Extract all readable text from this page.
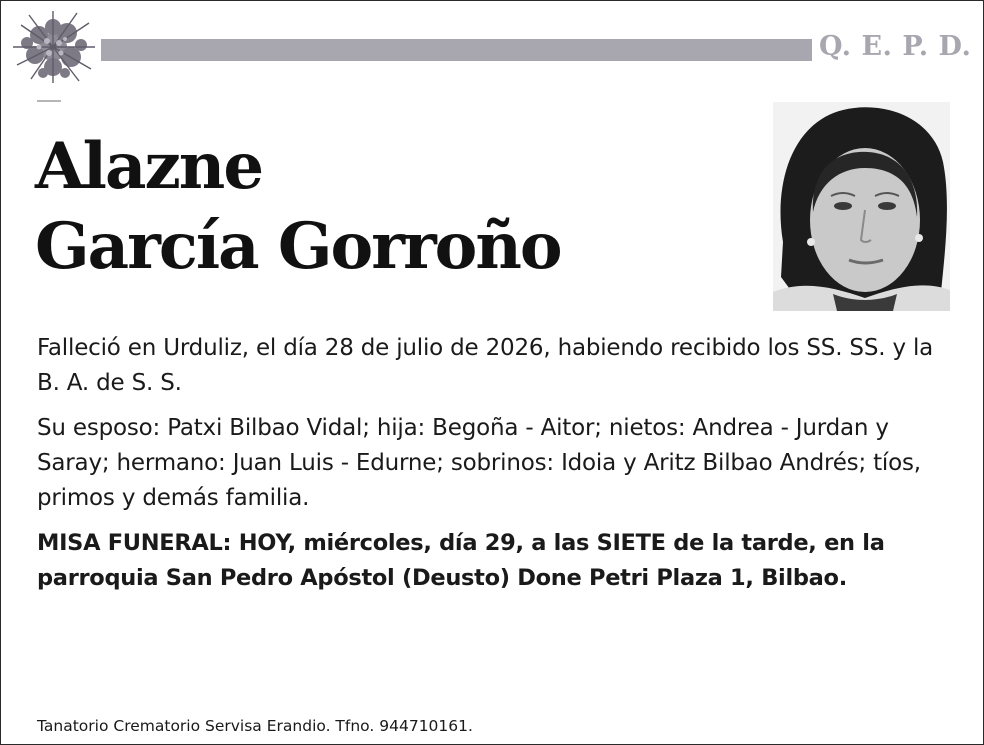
Q. E. P. D.
Alazne
García Gorroño

Falleció en Urduliz, el día 28 de julio de 2026, habiendo recibido los SS. SS. y la B. A. de S. S.

Su esposo: Patxi Bilbao Vidal; hija: Begoña - Aitor; nietos: Andrea - Jurdan y Saray; hermano: Juan Luis - Edurne; sobrinos: Idoia y Aritz Bilbao Andrés; tíos, primos y demás familia.

MISA FUNERAL: HOY, miércoles, día 29, a las SIETE de la tarde, en la parroquia San Pedro Apóstol (Deusto) Done Petri Plaza 1, Bilbao.

Tanatorio Crematorio Servisa Erandio. Tfno. 944710161.
